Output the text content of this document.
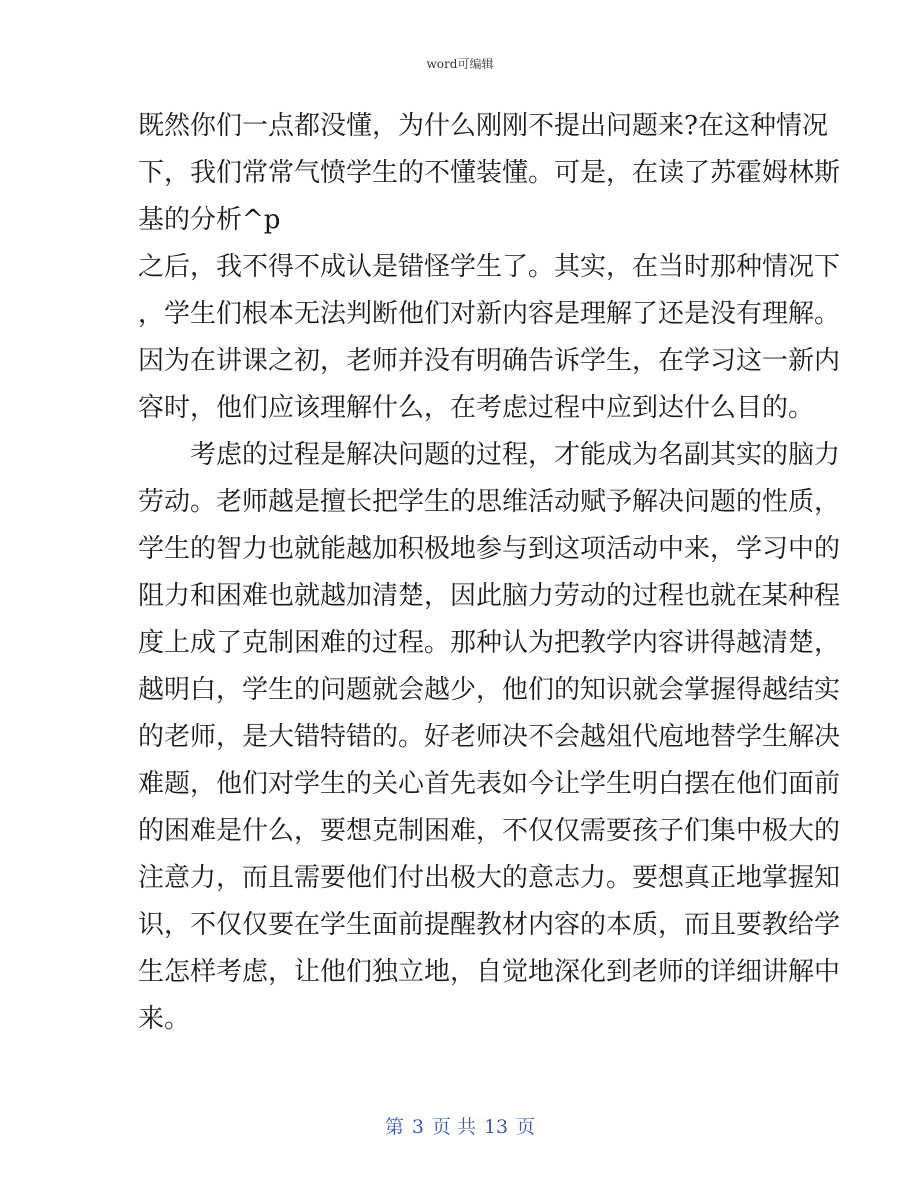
word可编辑
既然你们一点都没懂，为什么刚刚不提出问题来?在这种情况
下，我们常常气愤学生的不懂装懂。可是，在读了苏霍姆林斯
基的分析^p
之后，我不得不成认是错怪学生了。其实，在当时那种情况下
，学生们根本无法判断他们对新内容是理解了还是没有理解。
因为在讲课之初，老师并没有明确告诉学生，在学习这一新内
容时，他们应该理解什么，在考虑过程中应到达什么目的。
　　考虑的过程是解决问题的过程，才能成为名副其实的脑力
劳动。老师越是擅长把学生的思维活动赋予解决问题的性质，
学生的智力也就能越加积极地参与到这项活动中来，学习中的
阻力和困难也就越加清楚，因此脑力劳动的过程也就在某种程
度上成了克制困难的过程。那种认为把教学内容讲得越清楚，
越明白，学生的问题就会越少，他们的知识就会掌握得越结实
的老师，是大错特错的。好老师决不会越俎代庖地替学生解决
难题，他们对学生的关心首先表如今让学生明白摆在他们面前
的困难是什么，要想克制困难，不仅仅需要孩子们集中极大的
注意力，而且需要他们付出极大的意志力。要想真正地掌握知
识，不仅仅要在学生面前提醒教材内容的本质，而且要教给学
生怎样考虑，让他们独立地，自觉地深化到老师的详细讲解中
来。
第 3 页 共 13 页
